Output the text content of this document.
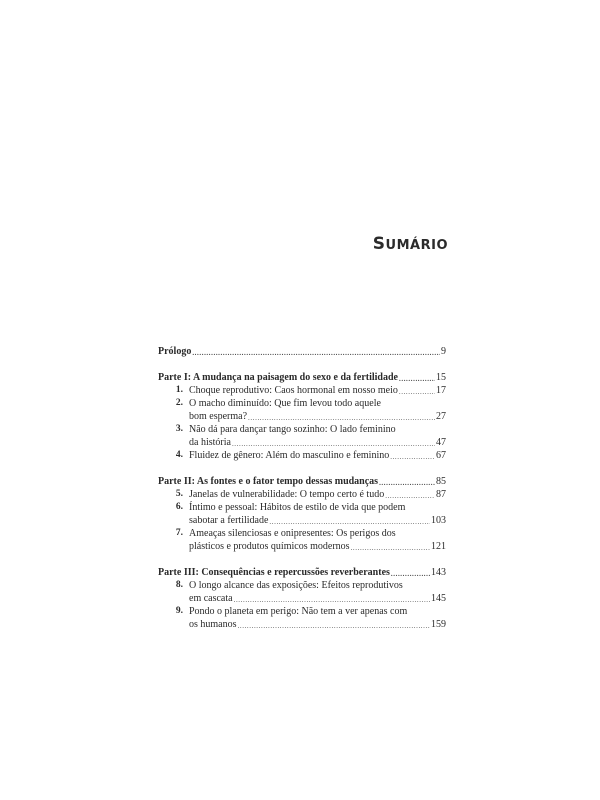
SUMÁRIO
Prólogo .....	9
Parte I: A mudança na paisagem do sexo e da fertilidade .....	15
1. Choque reprodutivo: Caos hormonal em nosso meio .....	17
2. O macho diminuído: Que fim levou todo aquele
bom esperma? .....	27
3. Não dá para dançar tango sozinho: O lado feminino
da história .....	47
4. Fluidez de gênero: Além do masculino e feminino .....	67
Parte II: As fontes e o fator tempo dessas mudanças .....	85
5. Janelas de vulnerabilidade: O tempo certo é tudo .....	87
6. Íntimo e pessoal: Hábitos de estilo de vida que podem
sabotar a fertilidade .....	103
7. Ameaças silenciosas e onipresentes: Os perigos dos
plásticos e produtos químicos modernos .....	121
Parte III: Consequências e repercussões reverberantes .....	143
8. O longo alcance das exposições: Efeitos reprodutivos
em cascata .....	145
9. Pondo o planeta em perigo: Não tem a ver apenas com
os humanos .....	159
